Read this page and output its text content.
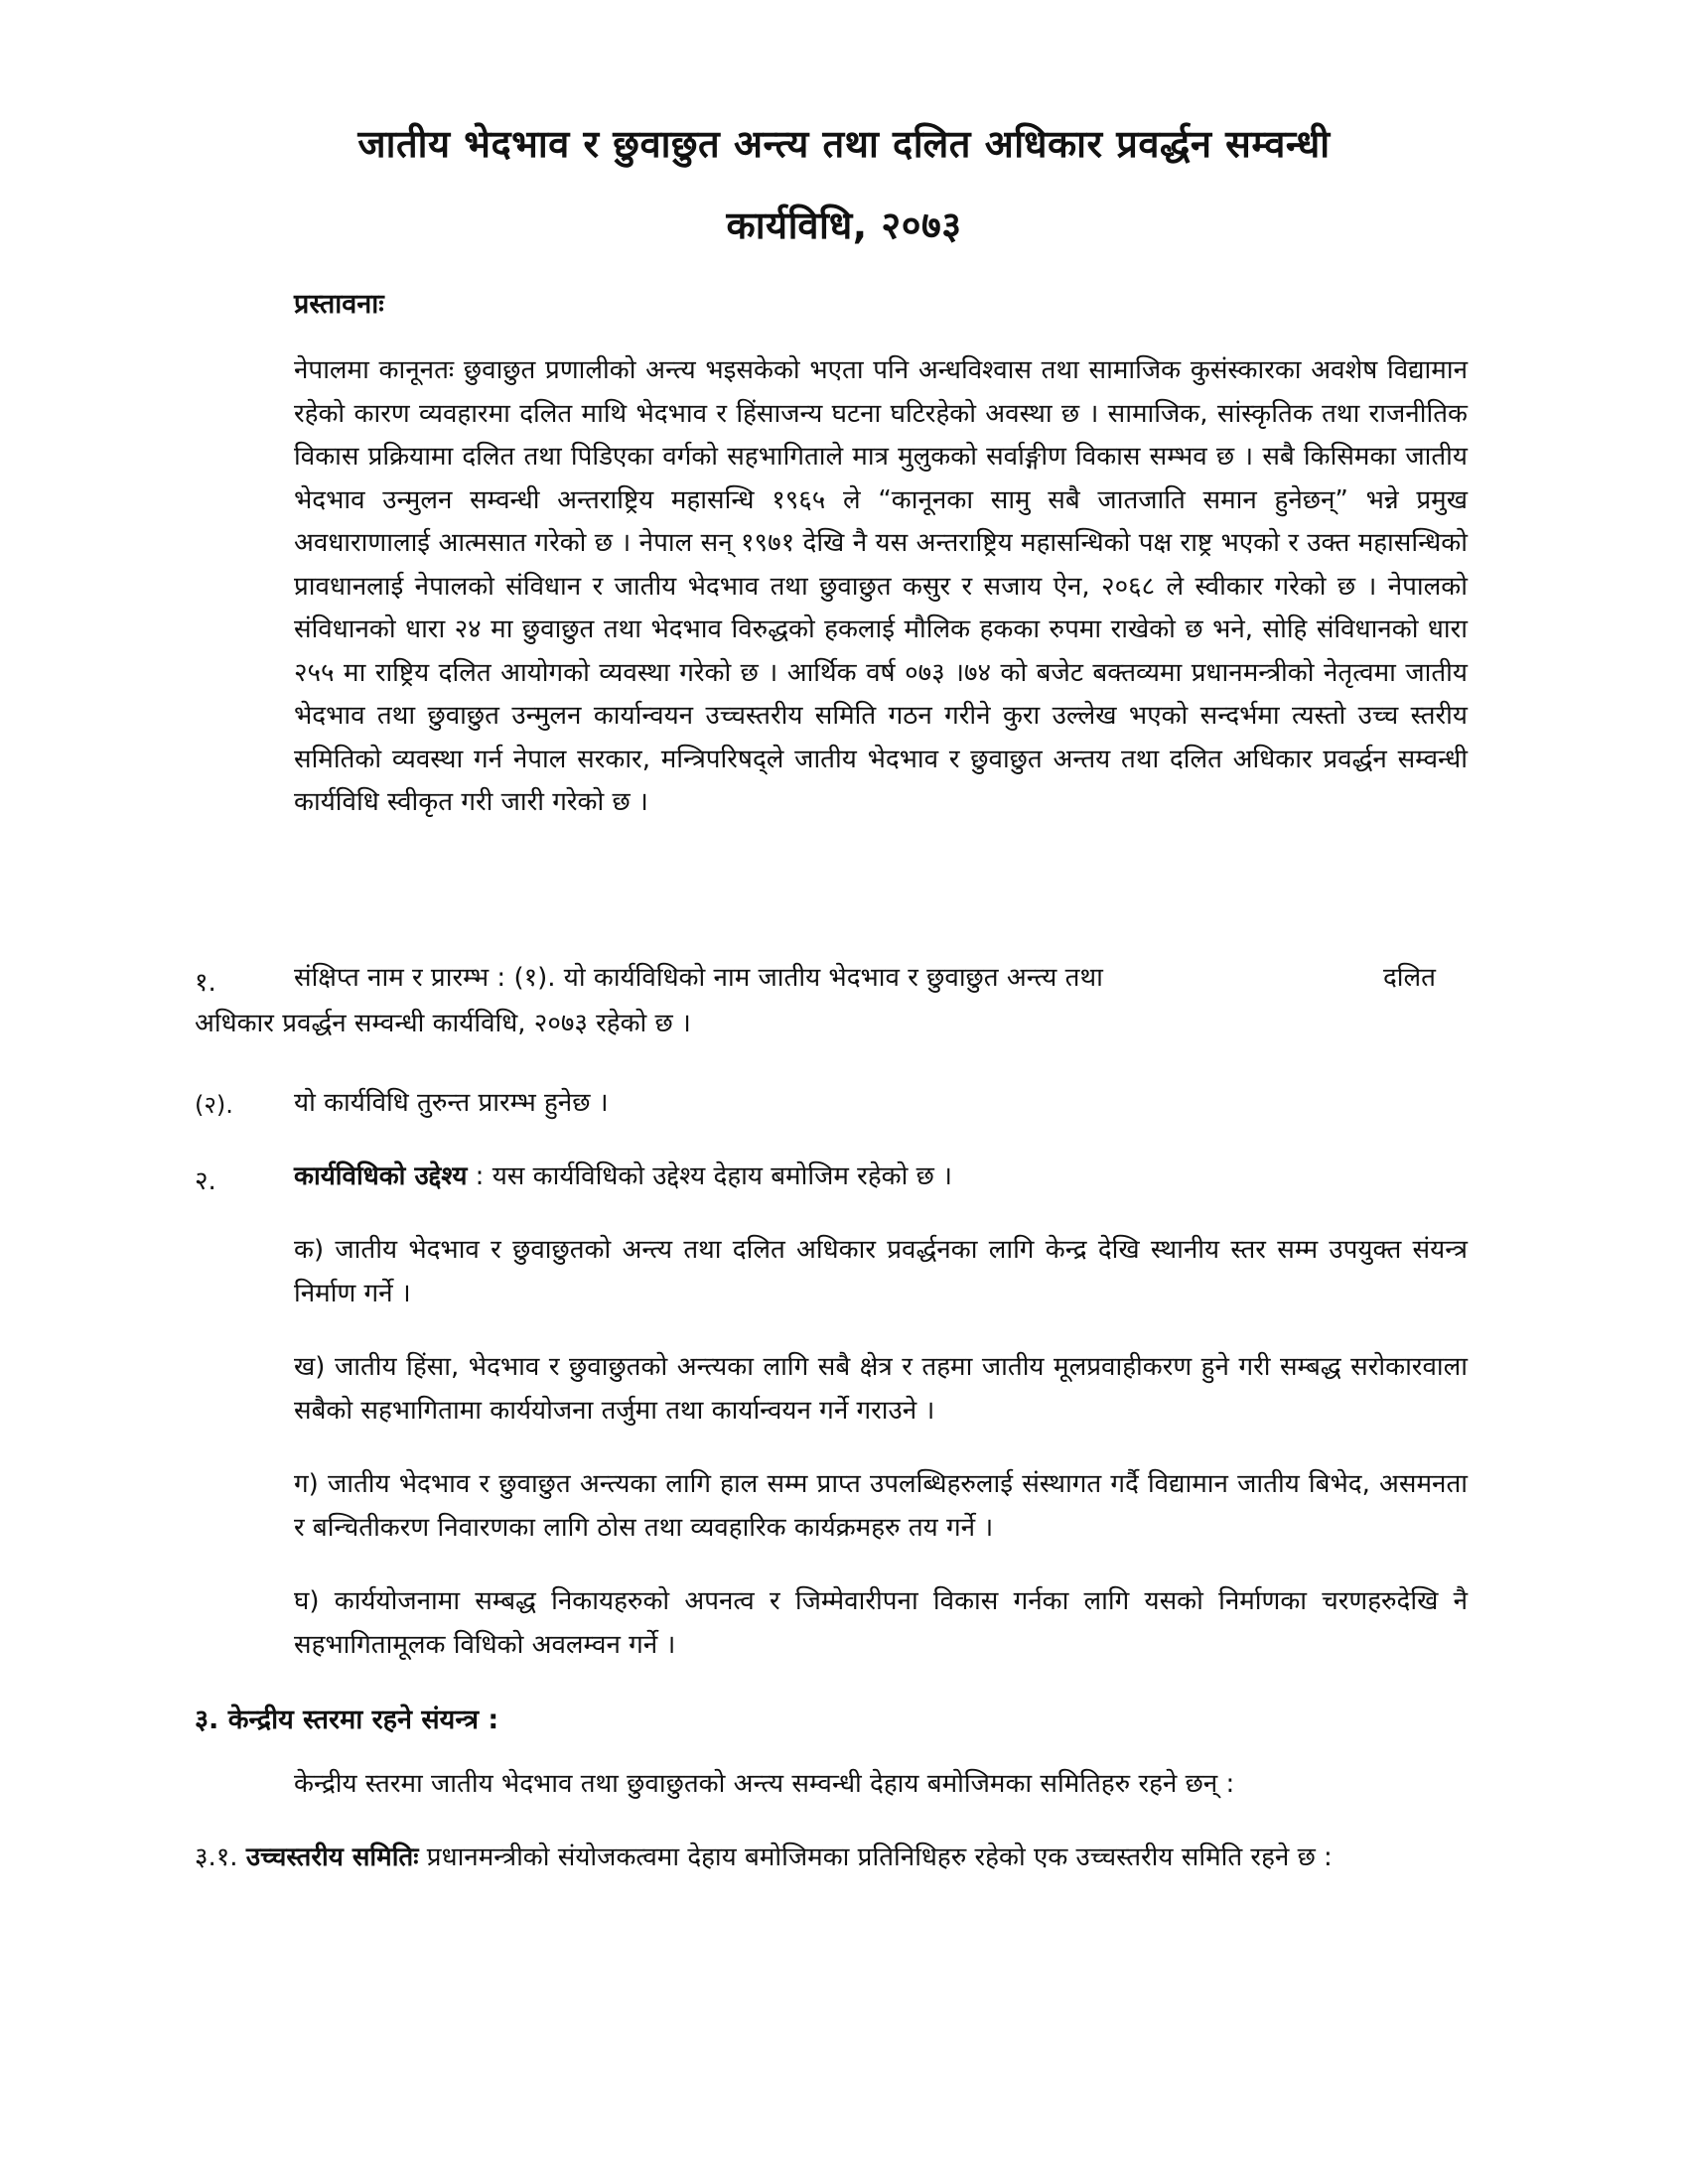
जातीय भेदभाव र छुवाछुत अन्त्य तथा दलित अधिकार प्रवर्द्धन सम्वन्धी
कार्यविधि, २०७३
प्रस्तावनाः
नेपालमा कानूनतः छुवाछुत प्रणालीको अन्त्य भइसकेको भएता पनि अन्धविश्वास तथा सामाजिक कुसंस्कारका अवशेष विद्यामान रहेको कारण व्यवहारमा दलित माथि भेदभाव र हिंसाजन्य घटना घटिरहेको अवस्था छ । सामाजिक, सांस्कृतिक तथा राजनीतिक विकास प्रक्रियामा दलित तथा पिडिएका वर्गको सहभागिताले मात्र मुलुकको सर्वाङ्गीण विकास सम्भव छ । सबै किसिमका जातीय भेदभाव उन्मुलन सम्वन्धी अन्तराष्ट्रिय महासन्धि १९६५ ले “कानूनका सामु सबै जातजाति समान हुनेछन्” भन्ने प्रमुख अवधाराणालाई आत्मसात गरेको छ । नेपाल सन् १९७१ देखि नै यस अन्तराष्ट्रिय महासन्धिको पक्ष राष्ट्र भएको र उक्त महासन्धिको प्रावधानलाई नेपालको संविधान र जातीय भेदभाव तथा छुवाछुत कसुर र सजाय ऐन, २०६८ ले स्वीकार गरेको छ । नेपालको संविधानको धारा २४ मा छुवाछुत तथा भेदभाव विरुद्धको हकलाई मौलिक हकका रुपमा राखेको छ भने, सोहि संविधानको धारा २५५ मा राष्ट्रिय दलित आयोगको व्यवस्था गरेको छ । आर्थिक वर्ष ०७३ ।७४ को बजेट बक्तव्यमा प्रधानमन्त्रीको नेतृत्वमा जातीय भेदभाव तथा छुवाछुत उन्मुलन कार्यान्वयन उच्चस्तरीय समिति गठन गरीने कुरा उल्लेख भएको सन्दर्भमा त्यस्तो उच्च स्तरीय समितिको व्यवस्था गर्न नेपाल सरकार, मन्त्रिपरिषद्ले जातीय भेदभाव र छुवाछुत अन्तय तथा दलित अधिकार प्रवर्द्धन सम्वन्धी कार्यविधि स्वीकृत गरी जारी गरेको छ ।
१.	संक्षिप्त नाम र प्रारम्भ : (१). यो कार्यविधिको नाम जातीय भेदभाव र छुवाछुत अन्त्य तथा	दलित
अधिकार प्रवर्द्धन सम्वन्धी कार्यविधि, २०७३ रहेको छ ।
(२). यो कार्यविधि तुरुन्त प्रारम्भ हुनेछ ।
२.	कार्यविधिको उद्देश्य : यस कार्यविधिको उद्देश्य देहाय बमोजिम रहेको छ ।
क) जातीय भेदभाव र छुवाछुतको अन्त्य तथा दलित अधिकार प्रवर्द्धनका लागि केन्द्र देखि स्थानीय स्तर सम्म उपयुक्त संयन्त्र निर्माण गर्ने ।
ख) जातीय हिंसा, भेदभाव र छुवाछुतको अन्त्यका लागि सबै क्षेत्र र तहमा जातीय मूलप्रवाहीकरण हुने गरी सम्बद्ध सरोकारवाला सबैको सहभागितामा कार्ययोजना तर्जुमा तथा कार्यान्वयन गर्ने गराउने ।
ग) जातीय भेदभाव र छुवाछुत अन्त्यका लागि हाल सम्म प्राप्त उपलब्धिहरुलाई संस्थागत गर्दै विद्यामान जातीय बिभेद, असमनता र बन्चितीकरण निवारणका लागि ठोस तथा व्यवहारिक कार्यक्रमहरु तय गर्ने ।
घ) कार्ययोजनामा सम्बद्ध निकायहरुको अपनत्व र जिम्मेवारीपना विकास गर्नका लागि यसको निर्माणका चरणहरुदेखि नै सहभागितामूलक विधिको अवलम्वन गर्ने ।
३. केन्द्रीय स्तरमा रहने संयन्त्र :
केन्द्रीय स्तरमा जातीय भेदभाव तथा छुवाछुतको अन्त्य सम्वन्धी देहाय बमोजिमका समितिहरु रहने छन् :
३.१. उच्चस्तरीय समितिः प्रधानमन्त्रीको संयोजकत्वमा देहाय बमोजिमका प्रतिनिधिहरु रहेको एक उच्चस्तरीय समिति रहने छ :
